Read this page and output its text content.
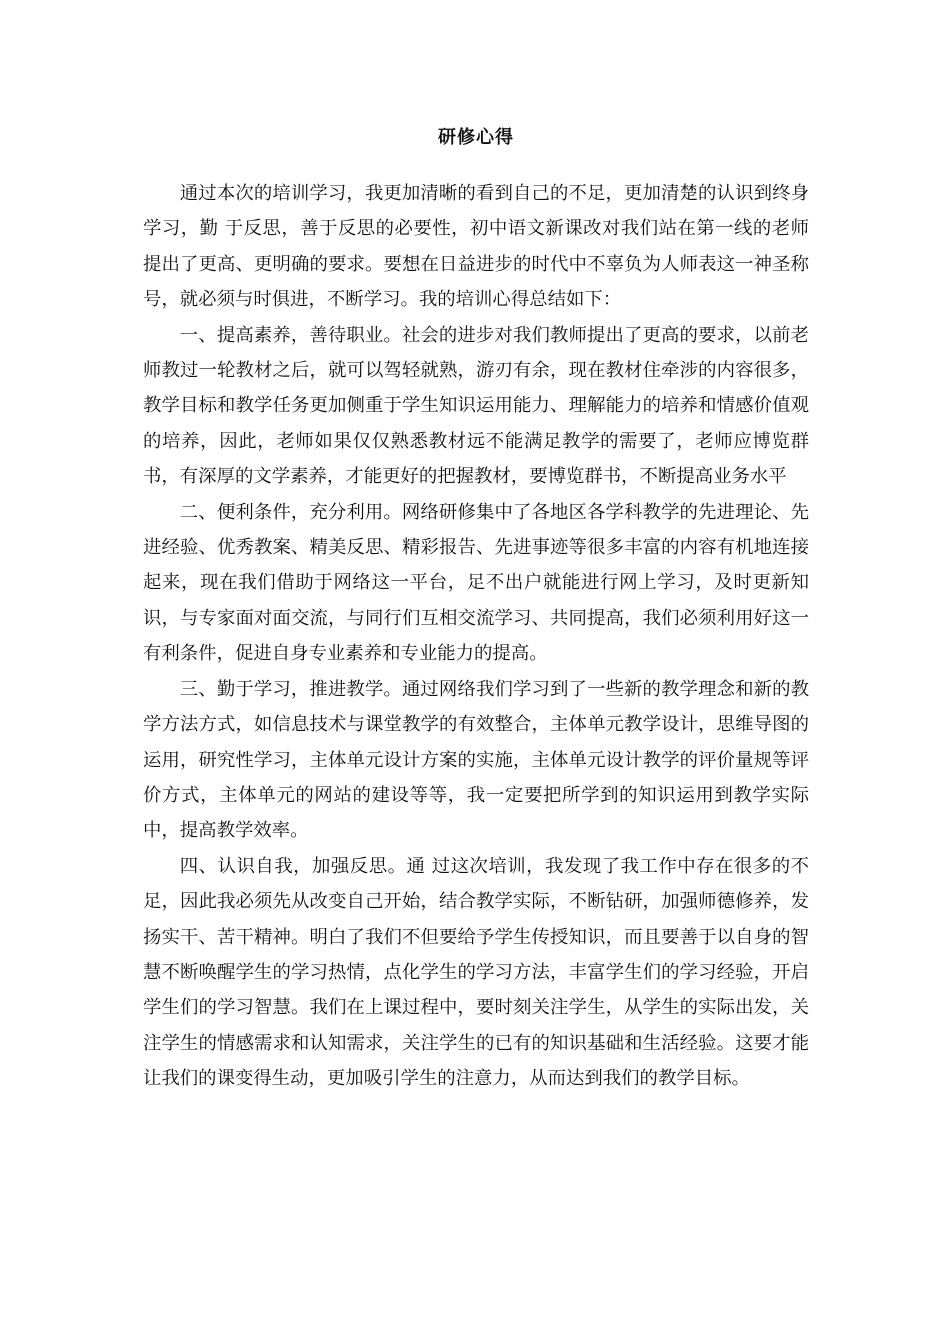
研修心得

通过本次的培训学习，我更加清晰的看到自己的不足，更加清楚的认识到终身学习，勤 于反思，善于反思的必要性，初中语文新课改对我们站在第一线的老师提出了更高、更明确的要求。要想在日益进步的时代中不辜负为人师表这一神圣称号，就必须与时俱进，不断学习。我的培训心得总结如下：

一、提高素养，善待职业。社会的进步对我们教师提出了更高的要求，以前老师教过一轮教材之后，就可以驾轻就熟，游刃有余，现在教材住牵涉的内容很多，教学目标和教学任务更加侧重于学生知识运用能力、理解能力的培养和情感价值观的培养，因此，老师如果仅仅熟悉教材远不能满足教学的需要了，老师应博览群书，有深厚的文学素养，才能更好的把握教材，要博览群书，不断提高业务水平

二、便利条件，充分利用。网络研修集中了各地区各学科教学的先进理论、先进经验、优秀教案、精美反思、精彩报告、先进事迹等很多丰富的内容有机地连接起来，现在我们借助于网络这一平台，足不出户就能进行网上学习，及时更新知识，与专家面对面交流，与同行们互相交流学习、共同提高，我们必须利用好这一有利条件，促进自身专业素养和专业能力的提高。

三、勤于学习，推进教学。通过网络我们学习到了一些新的教学理念和新的教学方法方式，如信息技术与课堂教学的有效整合，主体单元教学设计，思维导图的运用，研究性学习，主体单元设计方案的实施，主体单元设计教学的评价量规等评价方式，主体单元的网站的建设等等，我一定要把所学到的知识运用到教学实际中，提高教学效率。

四、认识自我，加强反思。通 过这次培训，我发现了我工作中存在很多的不足，因此我必须先从改变自己开始，结合教学实际，不断钻研，加强师德修养，发扬实干、苦干精神。明白了我们不但要给予学生传授知识，而且要善于以自身的智慧不断唤醒学生的学习热情，点化学生的学习方法，丰富学生们的学习经验，开启学生们的学习智慧。我们在上课过程中，要时刻关注学生，从学生的实际出发，关注学生的情感需求和认知需求，关注学生的已有的知识基础和生活经验。这要才能让我们的课变得生动，更加吸引学生的注意力，从而达到我们的教学目标。
